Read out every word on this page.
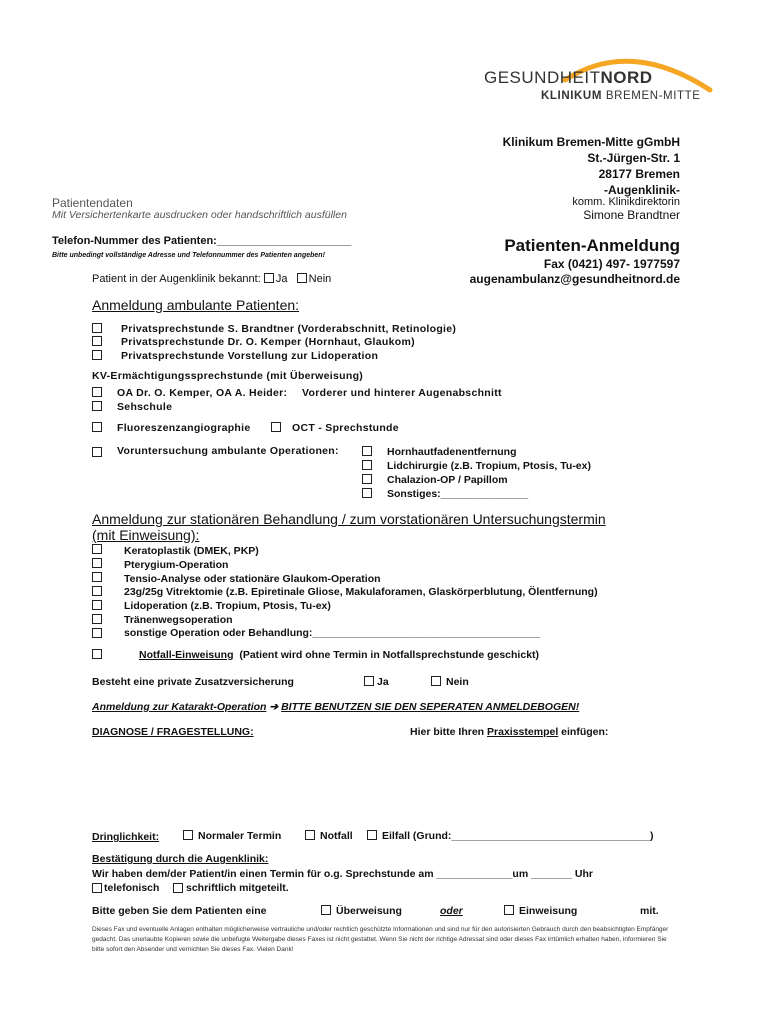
GESUNDHEITNORD
KLINIKUM BREMEN-MITTE
Klinikum Bremen-Mitte gGmbH
St.-Jürgen-Str. 1
28177 Bremen
-Augenklinik-
komm. Klinikdirektorin
Simone Brandtner
Patientendaten
Mit Versichertenkarte ausdrucken oder handschriftlich ausfüllen
Telefon-Nummer des Patienten:______________________
Bitte unbedingt vollständige Adresse und Telefonnummer des Patienten angeben!
Patient in der Augenklinik bekannt: Ja Nein
Patienten-Anmeldung
Fax (0421) 497- 1977597
augenambulanz@gesundheitnord.de
Anmeldung ambulante Patienten:
Privatsprechstunde S. Brandtner (Vorderabschnitt, Retinologie)
Privatsprechstunde Dr. O. Kemper (Hornhaut, Glaukom)
Privatsprechstunde Vorstellung zur Lidoperation
KV-Ermächtigungssprechstunde (mit Überweisung)
OA Dr. O. Kemper, OA A. Heider: Vorderer und hinterer Augenabschnitt
Sehschule
Fluoreszenzangiographie	OCT - Sprechstunde
Voruntersuchung ambulante Operationen:	Hornhautfadenentfernung
Lidchirurgie (z.B. Tropium, Ptosis, Tu-ex)
Chalazion-OP / Papillom
Sonstiges:_______________
Anmeldung zur stationären Behandlung / zum vorstationären Untersuchungstermin
(mit Einweisung):
Keratoplastik (DMEK, PKP)
Pterygium-Operation
Tensio-Analyse oder stationäre Glaukom-Operation
23g/25g Vitrektomie (z.B. Epiretinale Gliose, Makulaforamen, Glaskörperblutung, Ölentfernung)
Lidoperation (z.B. Tropium, Ptosis, Tu-ex)
Tränenwegsoperation
sonstige Operation oder Behandlung:_______________________________________
Notfall-Einweisung (Patient wird ohne Termin in Notfallsprechstunde geschickt)
Besteht eine private Zusatzversicherung	Ja	Nein
Anmeldung zur Katarakt-Operation ➔ BITTE BENUTZEN SIE DEN SEPERATEN ANMELDEBOGEN!
DIAGNOSE / FRAGESTELLUNG:	Hier bitte Ihren Praxisstempel einfügen:
Dringlichkeit:	Normaler Termin	Notfall	Eilfall (Grund:__________________________________)
Bestätigung durch die Augenklinik:
Wir haben dem/der Patient/in einen Termin für o.g. Sprechstunde am _____________um _______ Uhr
telefonisch	schriftlich mitgeteilt.
Bitte geben Sie dem Patienten eine	Überweisung	oder	Einweisung	mit.
Dieses Fax und eventuelle Anlagen enthalten möglicherweise vertrauliche und/oder rechtlich geschützte Informationen und sind nur für den autorisierten Gebrauch durch den beabsichtigten Empfänger gedacht. Das unerlaubte Kopieren sowie die unbefugte Weitergabe dieses Faxes ist nicht gestattet. Wenn Sie nicht der richtige Adressat sind oder dieses Fax irrtümlich erhalten haben, informieren Sie bitte sofort den Absender und vernichten Sie dieses Fax. Vielen Dank!
